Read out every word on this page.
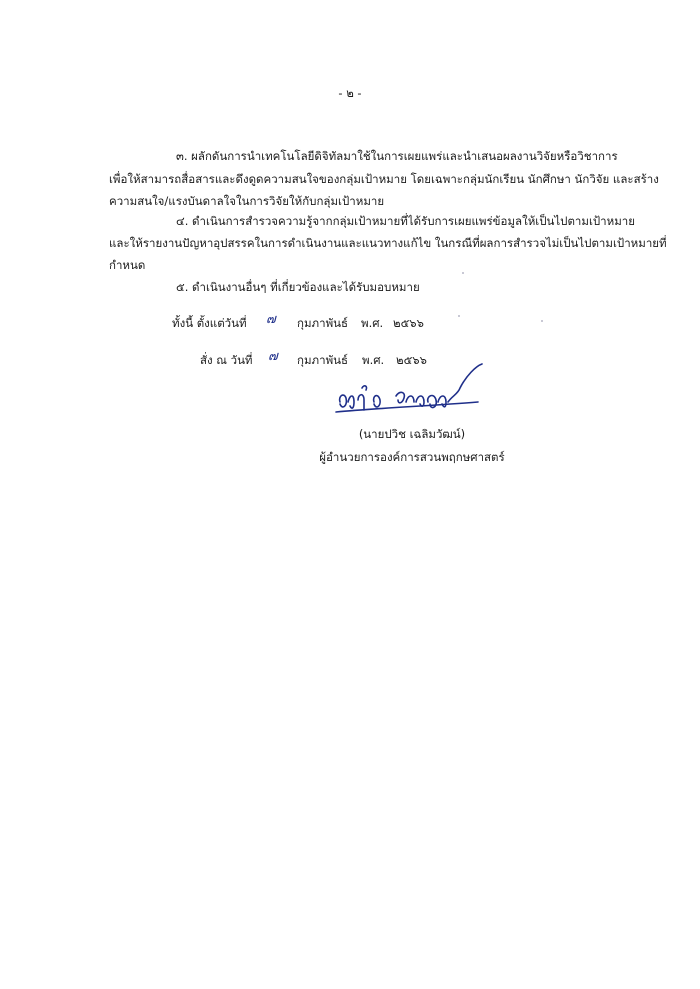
- ๒ -
๓. ผลักดันการนำเทคโนโลยีดิจิทัลมาใช้ในการเผยแพร่และนำเสนอผลงานวิจัยหรือวิชาการ
เพื่อให้สามารถสื่อสารและดึงดูดความสนใจของกลุ่มเป้าหมาย โดยเฉพาะกลุ่มนักเรียน นักศึกษา นักวิจัย และสร้าง
ความสนใจ/แรงบันดาลใจในการวิจัยให้กับกลุ่มเป้าหมาย
๔. ดำเนินการสำรวจความรู้จากกลุ่มเป้าหมายที่ได้รับการเผยแพร่ข้อมูลให้เป็นไปตามเป้าหมาย
และให้รายงานปัญหาอุปสรรคในการดำเนินงานและแนวทางแก้ไข ในกรณีที่ผลการสำรวจไม่เป็นไปตามเป้าหมายที่
กำหนด
๕. ดำเนินงานอื่นๆ ที่เกี่ยวข้องและได้รับมอบหมาย
ทั้งนี้ ตั้งแต่วันที่ ๗ กุมภาพันธ์ พ.ศ. ๒๕๖๖
สั่ง ณ วันที่ ๗ กุมภาพันธ์ พ.ศ. ๒๕๖๖
(นายปวิช เฉลิมวัฒน์)
ผู้อำนวยการองค์การสวนพฤกษศาสตร์
